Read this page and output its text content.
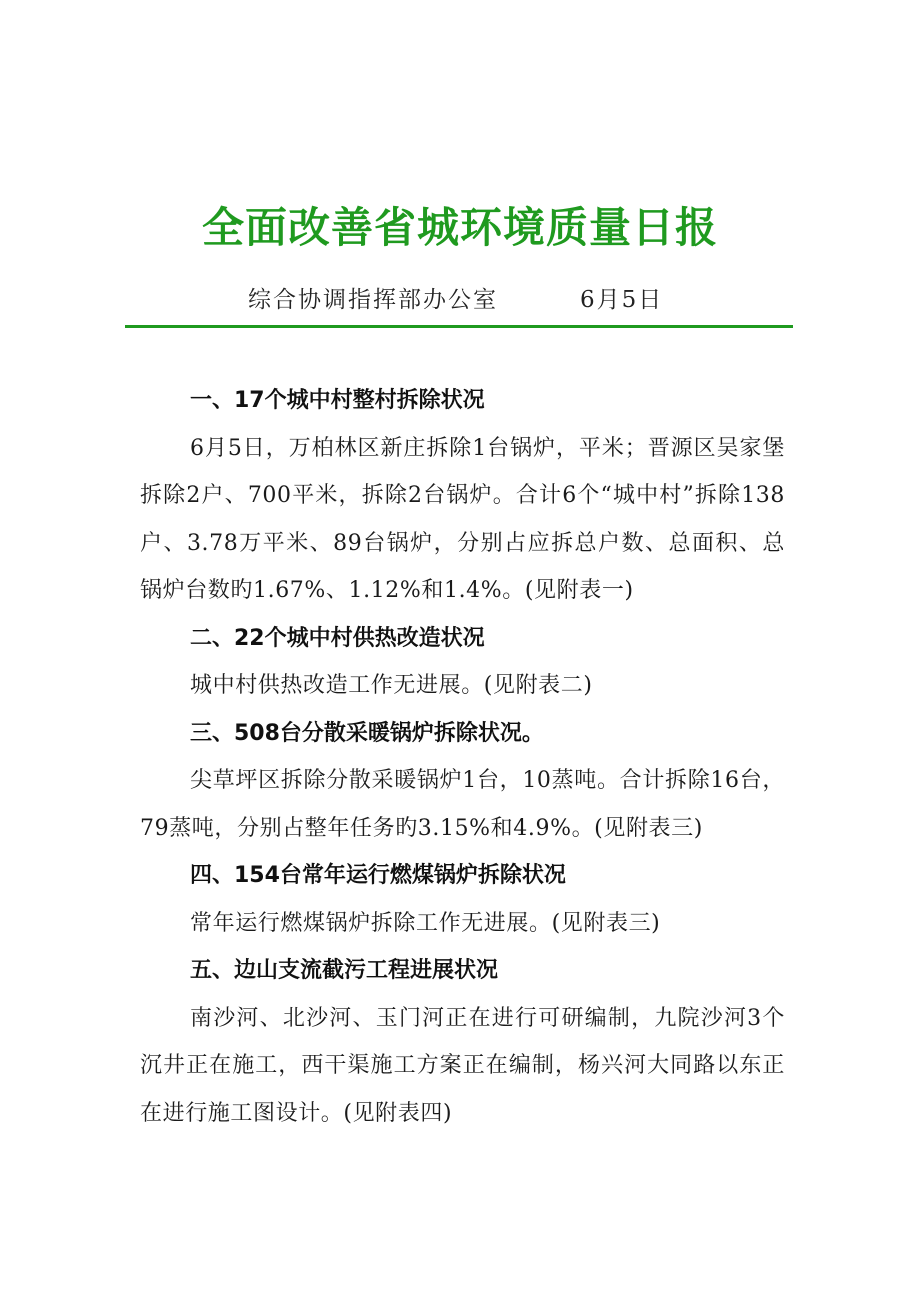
全面改善省城环境质量日报
综合协调指挥部办公室	6月5日

一、17个城中村整村拆除状况

6月5日，万柏林区新庄拆除1台锅炉，平米；晋源区吴家堡拆除2户、700平米，拆除2台锅炉。合计6个“城中村”拆除138户、3.78万平米、89台锅炉，分别占应拆总户数、总面积、总锅炉台数旳1.67%、1.12%和1.4%。(见附表一)

二、22个城中村供热改造状况

城中村供热改造工作无进展。(见附表二)

三、508台分散采暖锅炉拆除状况。

尖草坪区拆除分散采暖锅炉1台，10蒸吨。合计拆除16台，79蒸吨，分别占整年任务旳3.15%和4.9%。(见附表三)

四、154台常年运行燃煤锅炉拆除状况

常年运行燃煤锅炉拆除工作无进展。(见附表三)

五、边山支流截污工程进展状况

南沙河、北沙河、玉门河正在进行可研编制，九院沙河3个沉井正在施工，西干渠施工方案正在编制，杨兴河大同路以东正在进行施工图设计。(见附表四)
